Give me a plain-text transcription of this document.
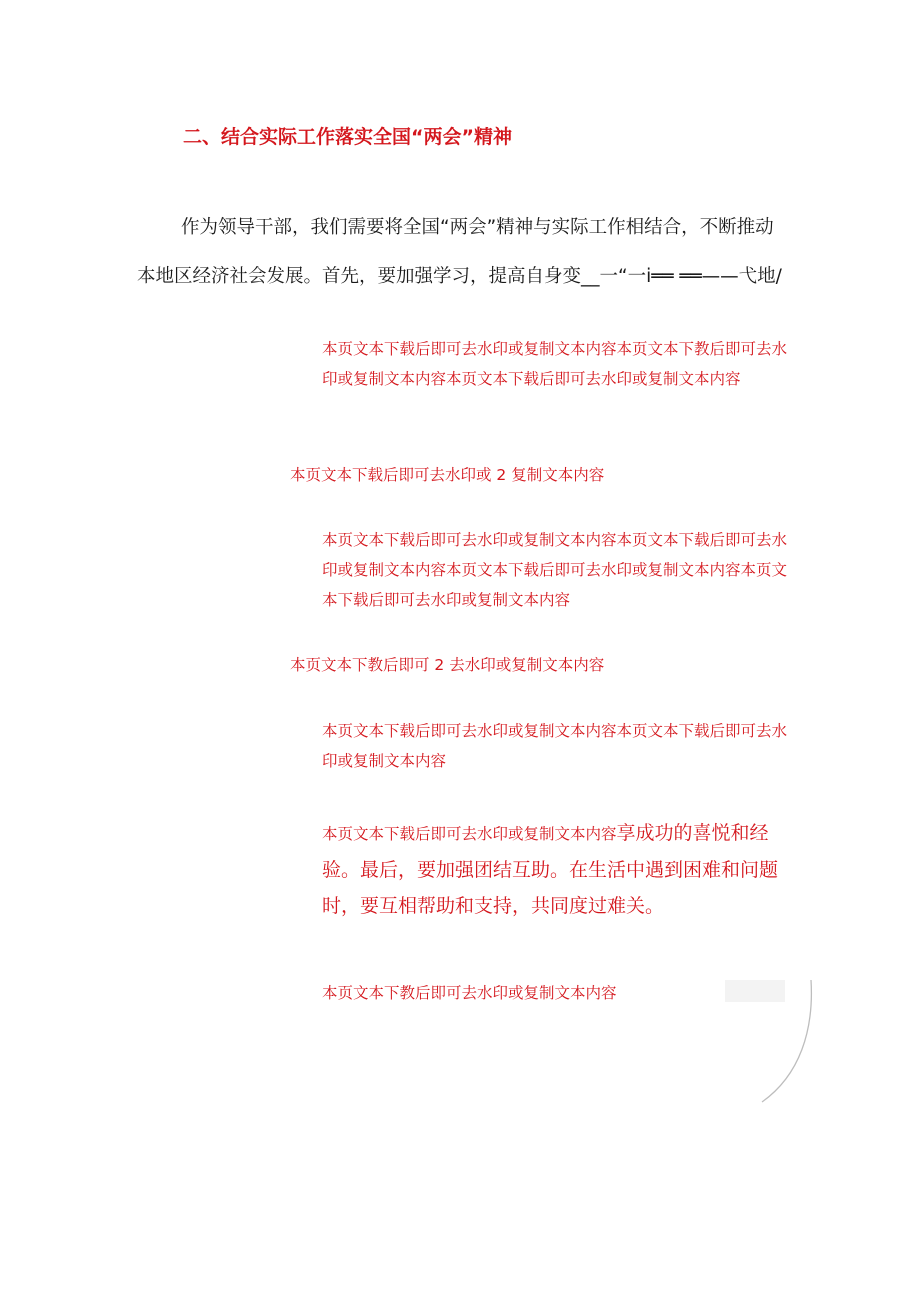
二、结合实际工作落实全国“两会”精神

作为领导干部，我们需要将全国“两会”精神与实际工作相结合，不断推动本地区经济社会发展。首先，要加强学习，提高自身变__一“一i══ ══——弋地/

本页文本下载后即可去水印或复制文本内容本页文本下教后即可去水印或复制文本内容本页文本下载后即可去水印或复制文本内容

本页文本下载后即可去水印或 2 复制文本内容

本页文本下载后即可去水印或复制文本内容本页文本下载后即可去水印或复制文本内容本页文本下载后即可去水印或复制文本内容本页文本下载后即可去水印或复制文本内容

本页文本下教后即可 2 去水印或复制文本内容

本页文本下载后即可去水印或复制文本内容本页文本下载后即可去水印或复制文本内容

本页文本下载后即可去水印或复制文本内容享成功的喜悦和经验。最后，要加强团结互助。在生活中遇到困难和问题时，要互相帮助和支持，共同度过难关。

本页文本下教后即可去水印或复制文本内容
